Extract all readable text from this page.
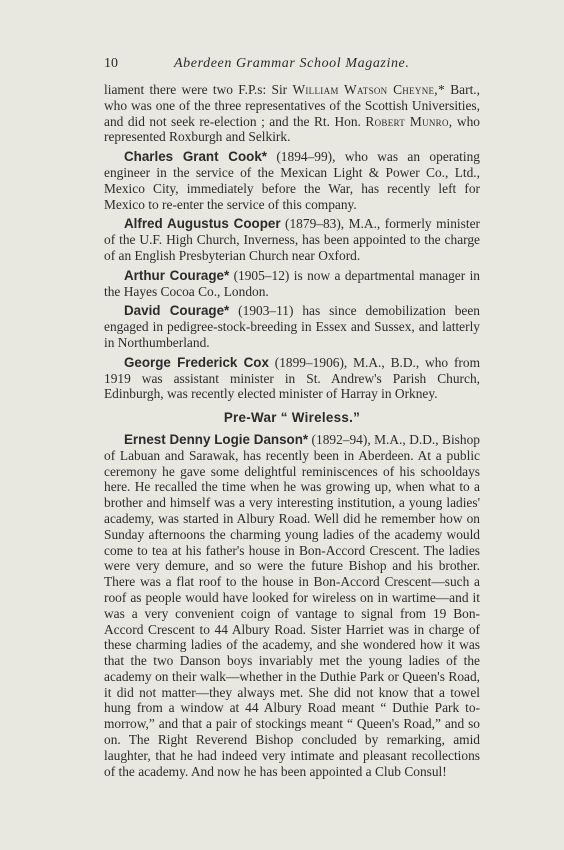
10	Aberdeen Grammar School Magazine.

liament there were two F.P.s: Sir William Watson Cheyne,* Bart., who was one of the three representatives of the Scottish Universities, and did not seek re-election ; and the Rt. Hon. Robert Munro, who represented Roxburgh and Selkirk.

Charles Grant Cook* (1894–99), who was an operating engineer in the service of the Mexican Light & Power Co., Ltd., Mexico City, immediately before the War, has recently left for Mexico to re-enter the service of this company.

Alfred Augustus Cooper (1879–83), M.A., formerly minister of the U.F. High Church, Inverness, has been appointed to the charge of an English Presbyterian Church near Oxford.

Arthur Courage* (1905–12) is now a departmental manager in the Hayes Cocoa Co., London.

David Courage* (1903–11) has since demobilization been engaged in pedigree-stock-breeding in Essex and Sussex, and latterly in Northumberland.

George Frederick Cox (1899–1906), M.A., B.D., who from 1919 was assistant minister in St. Andrew's Parish Church, Edinburgh, was recently elected minister of Harray in Orkney.

Pre-War “ Wireless.”

Ernest Denny Logie Danson* (1892–94), M.A., D.D., Bishop of Labuan and Sarawak, has recently been in Aberdeen. At a public ceremony he gave some delightful reminiscences of his schooldays here. He recalled the time when he was growing up, when what to a brother and himself was a very interesting institution, a young ladies' academy, was started in Albury Road. Well did he remember how on Sunday afternoons the charming young ladies of the academy would come to tea at his father's house in Bon-Accord Crescent. The ladies were very demure, and so were the future Bishop and his brother. There was a flat roof to the house in Bon-Accord Crescent—such a roof as people would have looked for wireless on in wartime—and it was a very convenient coign of vantage to signal from 19 Bon-Accord Crescent to 44 Albury Road. Sister Harriet was in charge of these charming ladies of the academy, and she wondered how it was that the two Danson boys invariably met the young ladies of the academy on their walk—whether in the Duthie Park or Queen's Road, it did not matter—they always met. She did not know that a towel hung from a window at 44 Albury Road meant “ Duthie Park to-morrow,” and that a pair of stockings meant “ Queen's Road,” and so on. The Right Reverend Bishop concluded by remarking, amid laughter, that he had indeed very intimate and pleasant recollections of the academy. And now he has been appointed a Club Consul!
